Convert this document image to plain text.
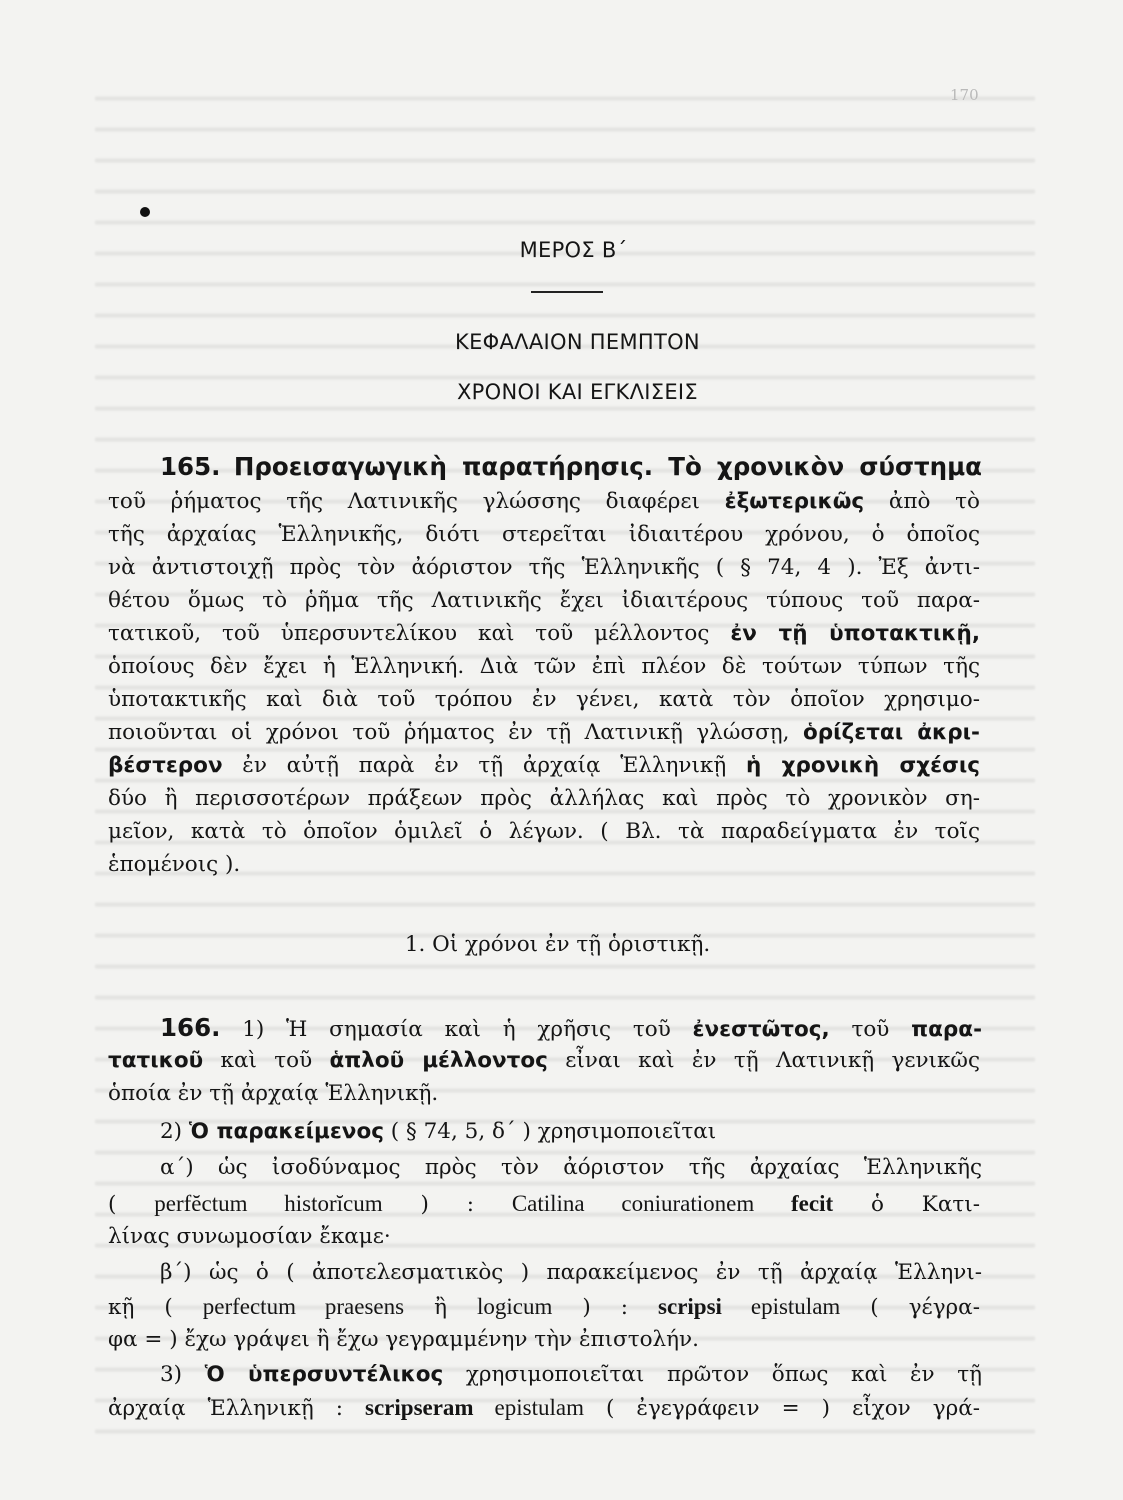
170
ΜΕΡΟΣ Β΄
ΚΕΦΑΛΑΙΟΝ ΠΕΜΠΤΟΝ
ΧΡΟΝΟΙ ΚΑΙ ΕΓΚΛΙΣΕΙΣ
165. Προεισαγωγικὴ παρατήρησις. Τὸ χρονικὸν σύστημα
τοῦ ῥήματος τῆς Λατινικῆς γλώσσης διαφέρει ἐξωτερικῶς ἀπὸ τὸ
τῆς ἀρχαίας Ἑλληνικῆς, διότι στερεῖται ἰδιαιτέρου χρόνου, ὁ ὁποῖος
νὰ ἀντιστοιχῇ πρὸς τὸν ἀόριστον τῆς Ἑλληνικῆς ( § 74, 4 ). Ἐξ ἀντι-
θέτου ὅμως τὸ ῥῆμα τῆς Λατινικῆς ἔχει ἰδιαιτέρους τύπους τοῦ παρα-
τατικοῦ, τοῦ ὑπερσυντελίκου καὶ τοῦ μέλλοντος ἐν τῇ ὑποτακτικῇ,
ὁποίους δὲν ἔχει ἡ Ἑλληνική. Διὰ τῶν ἐπὶ πλέον δὲ τούτων τύπων τῆς
ὑποτακτικῆς καὶ διὰ τοῦ τρόπου ἐν γένει, κατὰ τὸν ὁποῖον χρησιμο-
ποιοῦνται οἱ χρόνοι τοῦ ῥήματος ἐν τῇ Λατινικῇ γλώσσῃ, ὁρίζεται ἀκρι-
βέστερον ἐν αὐτῇ παρὰ ἐν τῇ ἀρχαίᾳ Ἑλληνικῇ ἡ χρονικὴ σχέσις
δύο ἢ περισσοτέρων πράξεων πρὸς ἀλλήλας καὶ πρὸς τὸ χρονικὸν ση-
μεῖον, κατὰ τὸ ὁποῖον ὁμιλεῖ ὁ λέγων. ( Βλ. τὰ παραδείγματα ἐν τοῖς
ἑπομένοις ).
1. Οἱ χρόνοι ἐν τῇ ὁριστικῇ.
166. 1) Ἡ σημασία καὶ ἡ χρῆσις τοῦ ἐνεστῶτος, τοῦ παρα-
τατικοῦ καὶ τοῦ ἁπλοῦ μέλλοντος εἶναι καὶ ἐν τῇ Λατινικῇ γενικῶς
ὁποία ἐν τῇ ἀρχαίᾳ Ἑλληνικῇ.
2) Ὁ παρακείμενος ( § 74, 5, δ΄ ) χρησιμοποιεῖται
α΄) ὡς ἰσοδύναμος πρὸς τὸν ἀόριστον τῆς ἀρχαίας Ἑλληνικῆς
( perfĕctum historĭcum ) : Catilina coniurationem fecit ὁ Κατι-
λίνας συνωμοσίαν ἔκαμε·
β΄) ὡς ὁ ( ἀποτελεσματικὸς ) παρακείμενος ἐν τῇ ἀρχαίᾳ Ἑλληνι-
κῇ ( perfectum praesens ἢ logicum ) : scripsi epistulam ( γέγρα-
φα = ) ἔχω γράψει ἢ ἔχω γεγραμμένην τὴν ἐπιστολήν.
3) Ὁ ὑπερσυντέλικος χρησιμοποιεῖται πρῶτον ὅπως καὶ ἐν τῇ
ἀρχαίᾳ Ἑλληνικῇ : scripseram epistulam ( ἐγεγράφειν = ) εἶχον γρά-
